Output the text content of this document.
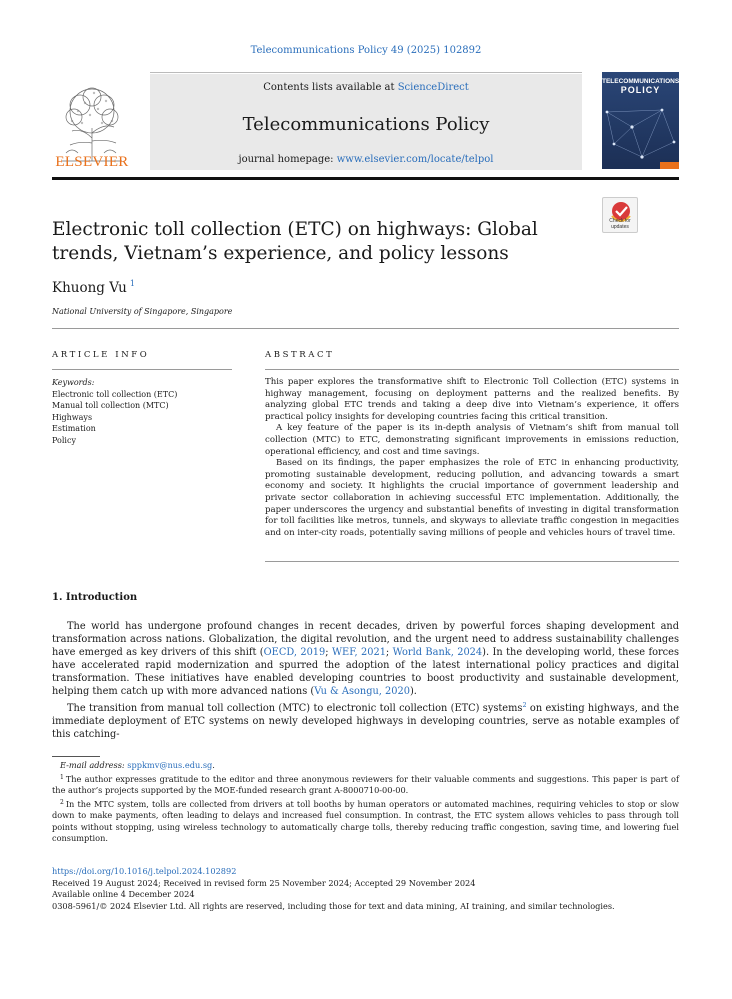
Telecommunications Policy 49 (2025) 102892
ELSEVIER
Contents lists available at ScienceDirect
Telecommunications Policy
journal homepage: www.elsevier.com/locate/telpol
TELECOMMUNICATIONS
POLICY
Check for updates
Electronic toll collection (ETC) on highways: Global trends, Vietnam’s experience, and policy lessons
Khuong Vu $^1$
National University of Singapore, Singapore
ARTICLE INFO	ABSTRACT
Keywords:
Electronic toll collection (ETC)
Manual toll collection (MTC)
Highways
Estimation
Policy

This paper explores the transformative shift to Electronic Toll Collection (ETC) systems in highway management, focusing on deployment patterns and the realized benefits. By analyzing global ETC trends and taking a deep dive into Vietnam’s experience, it offers practical policy insights for developing countries facing this critical transition.

A key feature of the paper is its in-depth analysis of Vietnam’s shift from manual toll collection (MTC) to ETC, demonstrating significant improvements in emissions reduction, operational efficiency, and cost and time savings.

Based on its findings, the paper emphasizes the role of ETC in enhancing productivity, promoting sustainable development, reducing pollution, and advancing towards a smart economy and society. It highlights the crucial importance of government leadership and private sector collaboration in achieving successful ETC implementation. Additionally, the paper underscores the urgency and substantial benefits of investing in digital transformation for toll facilities like metros, tunnels, and skyways to alleviate traffic congestion in megacities and on inter-city roads, potentially saving millions of people and vehicles hours of travel time.

1. Introduction

The world has undergone profound changes in recent decades, driven by powerful forces shaping development and transformation across nations. Globalization, the digital revolution, and the urgent need to address sustainability challenges have emerged as key drivers of this shift (OECD, 2019; WEF, 2021; World Bank, 2024). In the developing world, these forces have accelerated rapid modernization and spurred the adoption of the latest international policy practices and digital transformation. These initiatives have enabled developing countries to boost productivity and sustainable development, helping them catch up with more advanced nations (Vu & Asongu, 2020).

The transition from manual toll collection (MTC) to electronic toll collection (ETC) systems$^2$ on existing highways, and the immediate deployment of ETC systems on newly developed highways in developing countries, serve as notable examples of this catching-

E-mail address: sppkmv@nus.edu.sg.
$^1$ The author expresses gratitude to the editor and three anonymous reviewers for their valuable comments and suggestions. This paper is part of the author’s projects supported by the MOE-funded research grant A-8000710-00-00.
$^2$ In the MTC system, tolls are collected from drivers at toll booths by human operators or automated machines, requiring vehicles to stop or slow down to make payments, often leading to delays and increased fuel consumption. In contrast, the ETC system allows vehicles to pass through toll points without stopping, using wireless technology to automatically charge tolls, thereby reducing traffic congestion, saving time, and lowering fuel consumption.
https://doi.org/10.1016/j.telpol.2024.102892
Received 19 August 2024; Received in revised form 25 November 2024; Accepted 29 November 2024
Available online 4 December 2024
0308-5961/© 2024 Elsevier Ltd. All rights are reserved, including those for text and data mining, AI training, and similar technologies.
